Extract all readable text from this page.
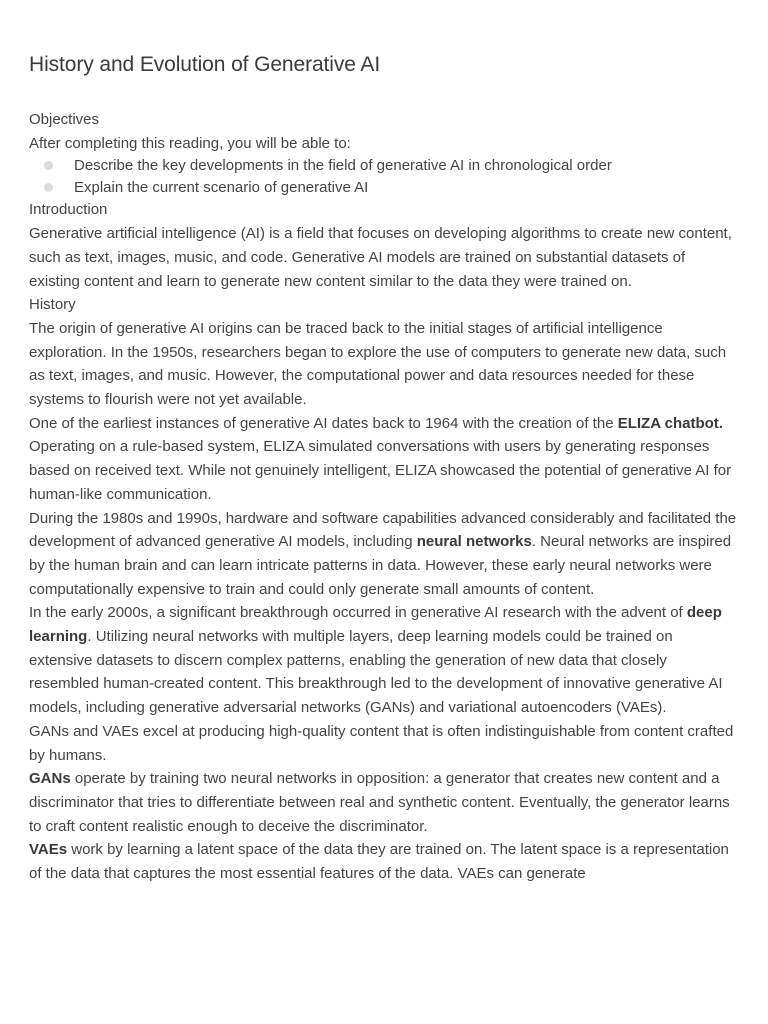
History and Evolution of Generative AI

Objectives

After completing this reading, you will be able to:

Describe the key developments in the field of generative AI in chronological order
Explain the current scenario of generative AI

Introduction

Generative artificial intelligence (AI) is a field that focuses on developing algorithms to create new content, such as text, images, music, and code. Generative AI models are trained on substantial datasets of existing content and learn to generate new content similar to the data they were trained on.

History

The origin of generative AI origins can be traced back to the initial stages of artificial intelligence exploration. In the 1950s, researchers began to explore the use of computers to generate new data, such as text, images, and music. However, the computational power and data resources needed for these systems to flourish were not yet available.

One of the earliest instances of generative AI dates back to 1964 with the creation of the ELIZA chatbot. Operating on a rule-based system, ELIZA simulated conversations with users by generating responses based on received text. While not genuinely intelligent, ELIZA showcased the potential of generative AI for human-like communication.

During the 1980s and 1990s, hardware and software capabilities advanced considerably and facilitated the development of advanced generative AI models, including neural networks. Neural networks are inspired by the human brain and can learn intricate patterns in data. However, these early neural networks were computationally expensive to train and could only generate small amounts of content.

In the early 2000s, a significant breakthrough occurred in generative AI research with the advent of deep learning. Utilizing neural networks with multiple layers, deep learning models could be trained on extensive datasets to discern complex patterns, enabling the generation of new data that closely resembled human-created content. This breakthrough led to the development of innovative generative AI models, including generative adversarial networks (GANs) and variational autoencoders (VAEs).

GANs and VAEs excel at producing high-quality content that is often indistinguishable from content crafted by humans.

GANs operate by training two neural networks in opposition: a generator that creates new content and a discriminator that tries to differentiate between real and synthetic content. Eventually, the generator learns to craft content realistic enough to deceive the discriminator.

VAEs work by learning a latent space of the data they are trained on. The latent space is a representation of the data that captures the most essential features of the data. VAEs can generate
